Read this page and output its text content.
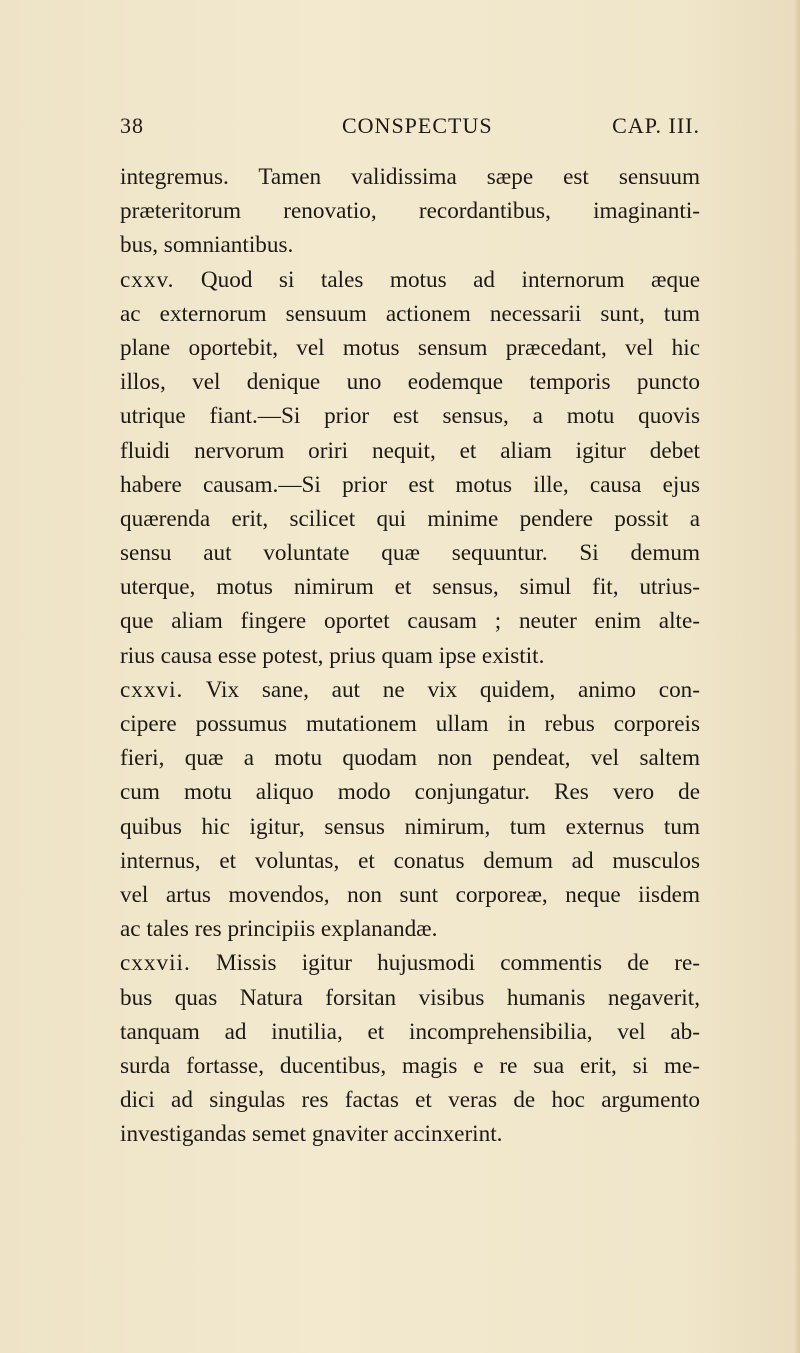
38	CONSPECTUS	CAP. III.
integremus. Tamen validissima sæpe est sensuum
præteritorum renovatio, recordantibus, imaginanti-
bus, somniantibus.
cxxv. Quod si tales motus ad internorum æque
ac externorum sensuum actionem necessarii sunt, tum
plane oportebit, vel motus sensum præcedant, vel hic
illos, vel denique uno eodemque temporis puncto
utrique fiant.—Si prior est sensus, a motu quovis
fluidi nervorum oriri nequit, et aliam igitur debet
habere causam.—Si prior est motus ille, causa ejus
quærenda erit, scilicet qui minime pendere possit a
sensu aut voluntate quæ sequuntur. Si demum
uterque, motus nimirum et sensus, simul fit, utrius-
que aliam fingere oportet causam ; neuter enim alte-
rius causa esse potest, prius quam ipse existit.
cxxvi. Vix sane, aut ne vix quidem, animo con-
cipere possumus mutationem ullam in rebus corporeis
fieri, quæ a motu quodam non pendeat, vel saltem
cum motu aliquo modo conjungatur. Res vero de
quibus hic igitur, sensus nimirum, tum externus tum
internus, et voluntas, et conatus demum ad musculos
vel artus movendos, non sunt corporeæ, neque iisdem
ac tales res principiis explanandæ.
cxxvii. Missis igitur hujusmodi commentis de re-
bus quas Natura forsitan visibus humanis negaverit,
tanquam ad inutilia, et incomprehensibilia, vel ab-
surda fortasse, ducentibus, magis e re sua erit, si me-
dici ad singulas res factas et veras de hoc argumento
investigandas semet gnaviter accinxerint.
